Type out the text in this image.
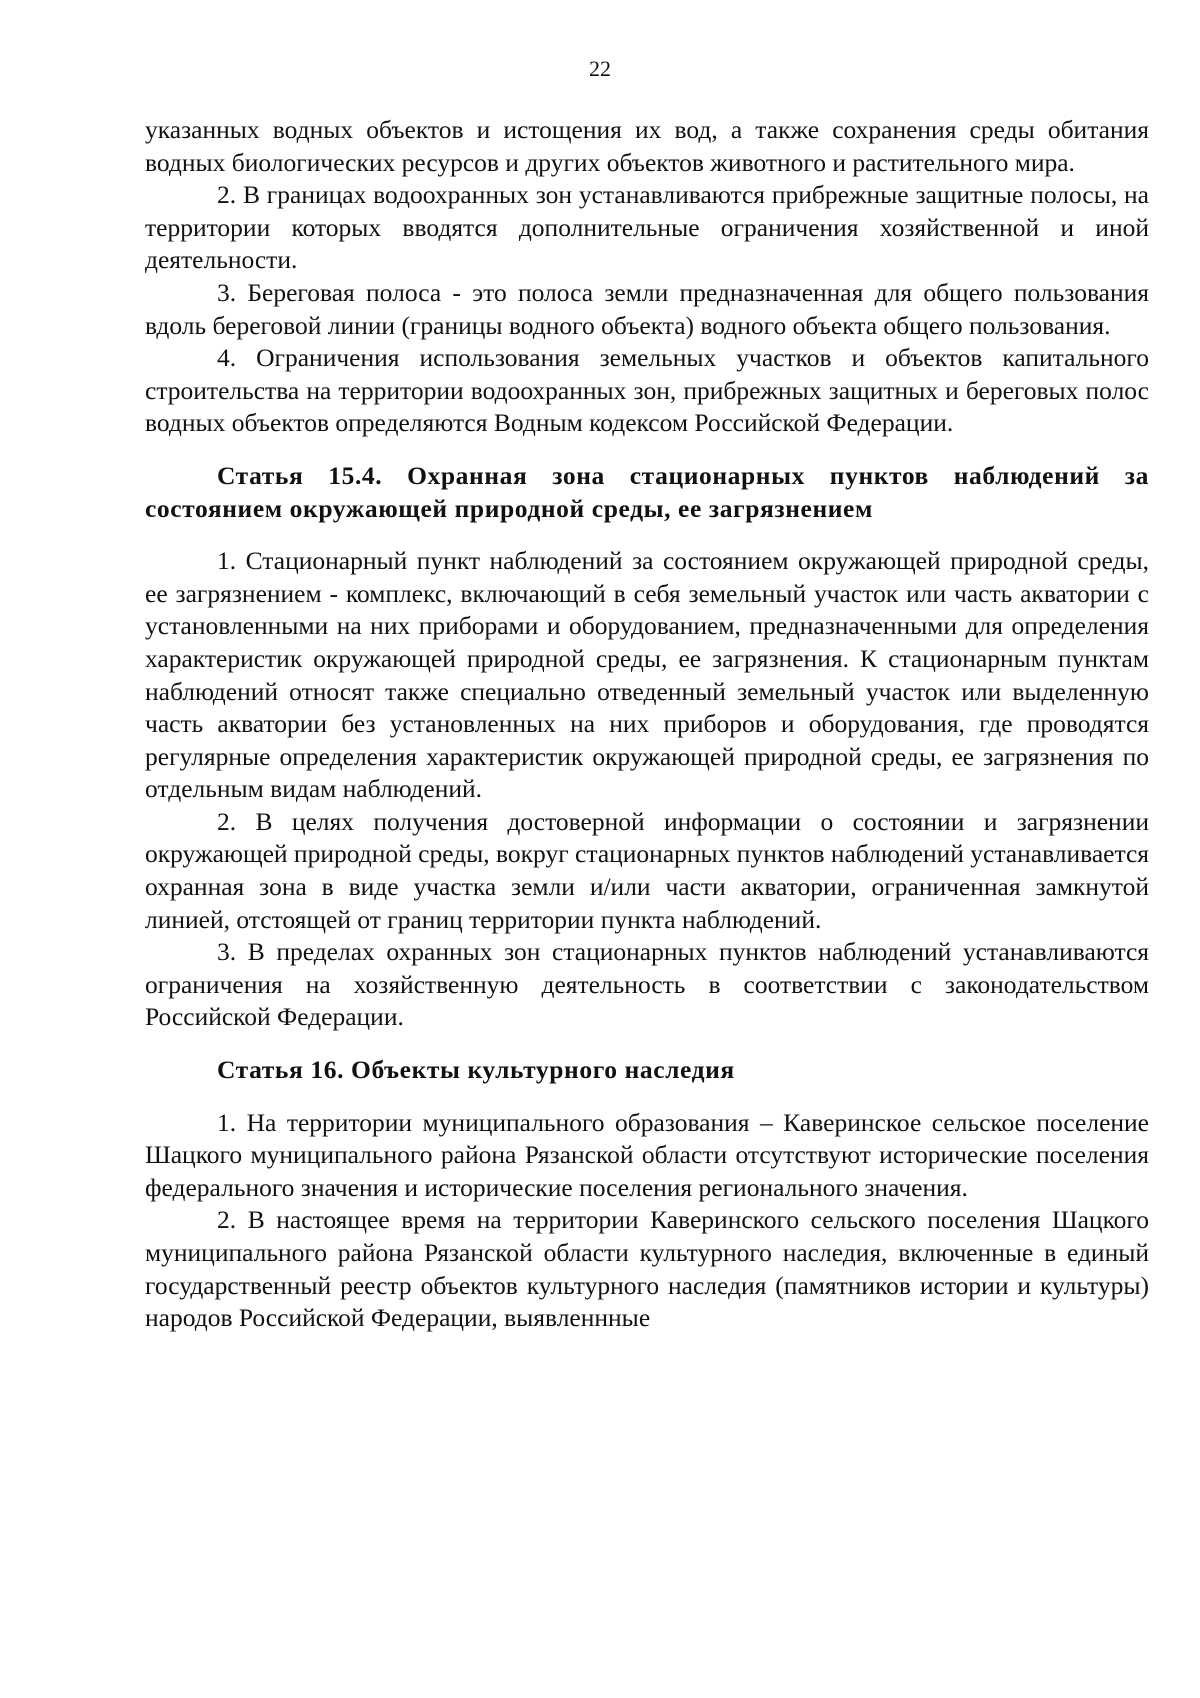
22

указанных водных объектов и истощения их вод, а также сохранения среды обитания водных биологических ресурсов и других объектов животного и растительного мира.

2. В границах водоохранных зон устанавливаются прибрежные защитные полосы, на территории которых вводятся дополнительные ограничения хозяйственной и иной деятельности.

3. Береговая полоса - это полоса земли предназначенная для общего пользования вдоль береговой линии (границы водного объекта) водного объекта общего пользования.

4. Ограничения использования земельных участков и объектов капитального строительства на территории водоохранных зон, прибрежных защитных и береговых полос водных объектов определяются Водным кодексом Российской Федерации.

Статья 15.4. Охранная зона стационарных пунктов наблюдений за состоянием окружающей природной среды, ее загрязнением

1. Стационарный пункт наблюдений за состоянием окружающей природной среды, ее загрязнением - комплекс, включающий в себя земельный участок или часть акватории с установленными на них приборами и оборудованием, предназначенными для определения характеристик окружающей природной среды, ее загрязнения. К стационарным пунктам наблюдений относят также специально отведенный земельный участок или выделенную часть акватории без установленных на них приборов и оборудования, где проводятся регулярные определения характеристик окружающей природной среды, ее загрязнения по отдельным видам наблюдений.

2. В целях получения достоверной информации о состоянии и загрязнении окружающей природной среды, вокруг стационарных пунктов наблюдений устанавливается охранная зона в виде участка земли и/или части акватории, ограниченная замкнутой линией, отстоящей от границ территории пункта наблюдений.

3. В пределах охранных зон стационарных пунктов наблюдений устанавливаются ограничения на хозяйственную деятельность в соответствии с законодательством Российской Федерации.

Статья 16. Объекты культурного наследия

1. На территории муниципального образования – Каверинское сельское поселение Шацкого муниципального района Рязанской области отсутствуют исторические поселения федерального значения и исторические поселения регионального значения.

2. В настоящее время на территории Каверинского сельского поселения Шацкого муниципального района Рязанской области культурного наследия, включенные в единый государственный реестр объектов культурного наследия (памятников истории и культуры) народов Российской Федерации, выявленнные
